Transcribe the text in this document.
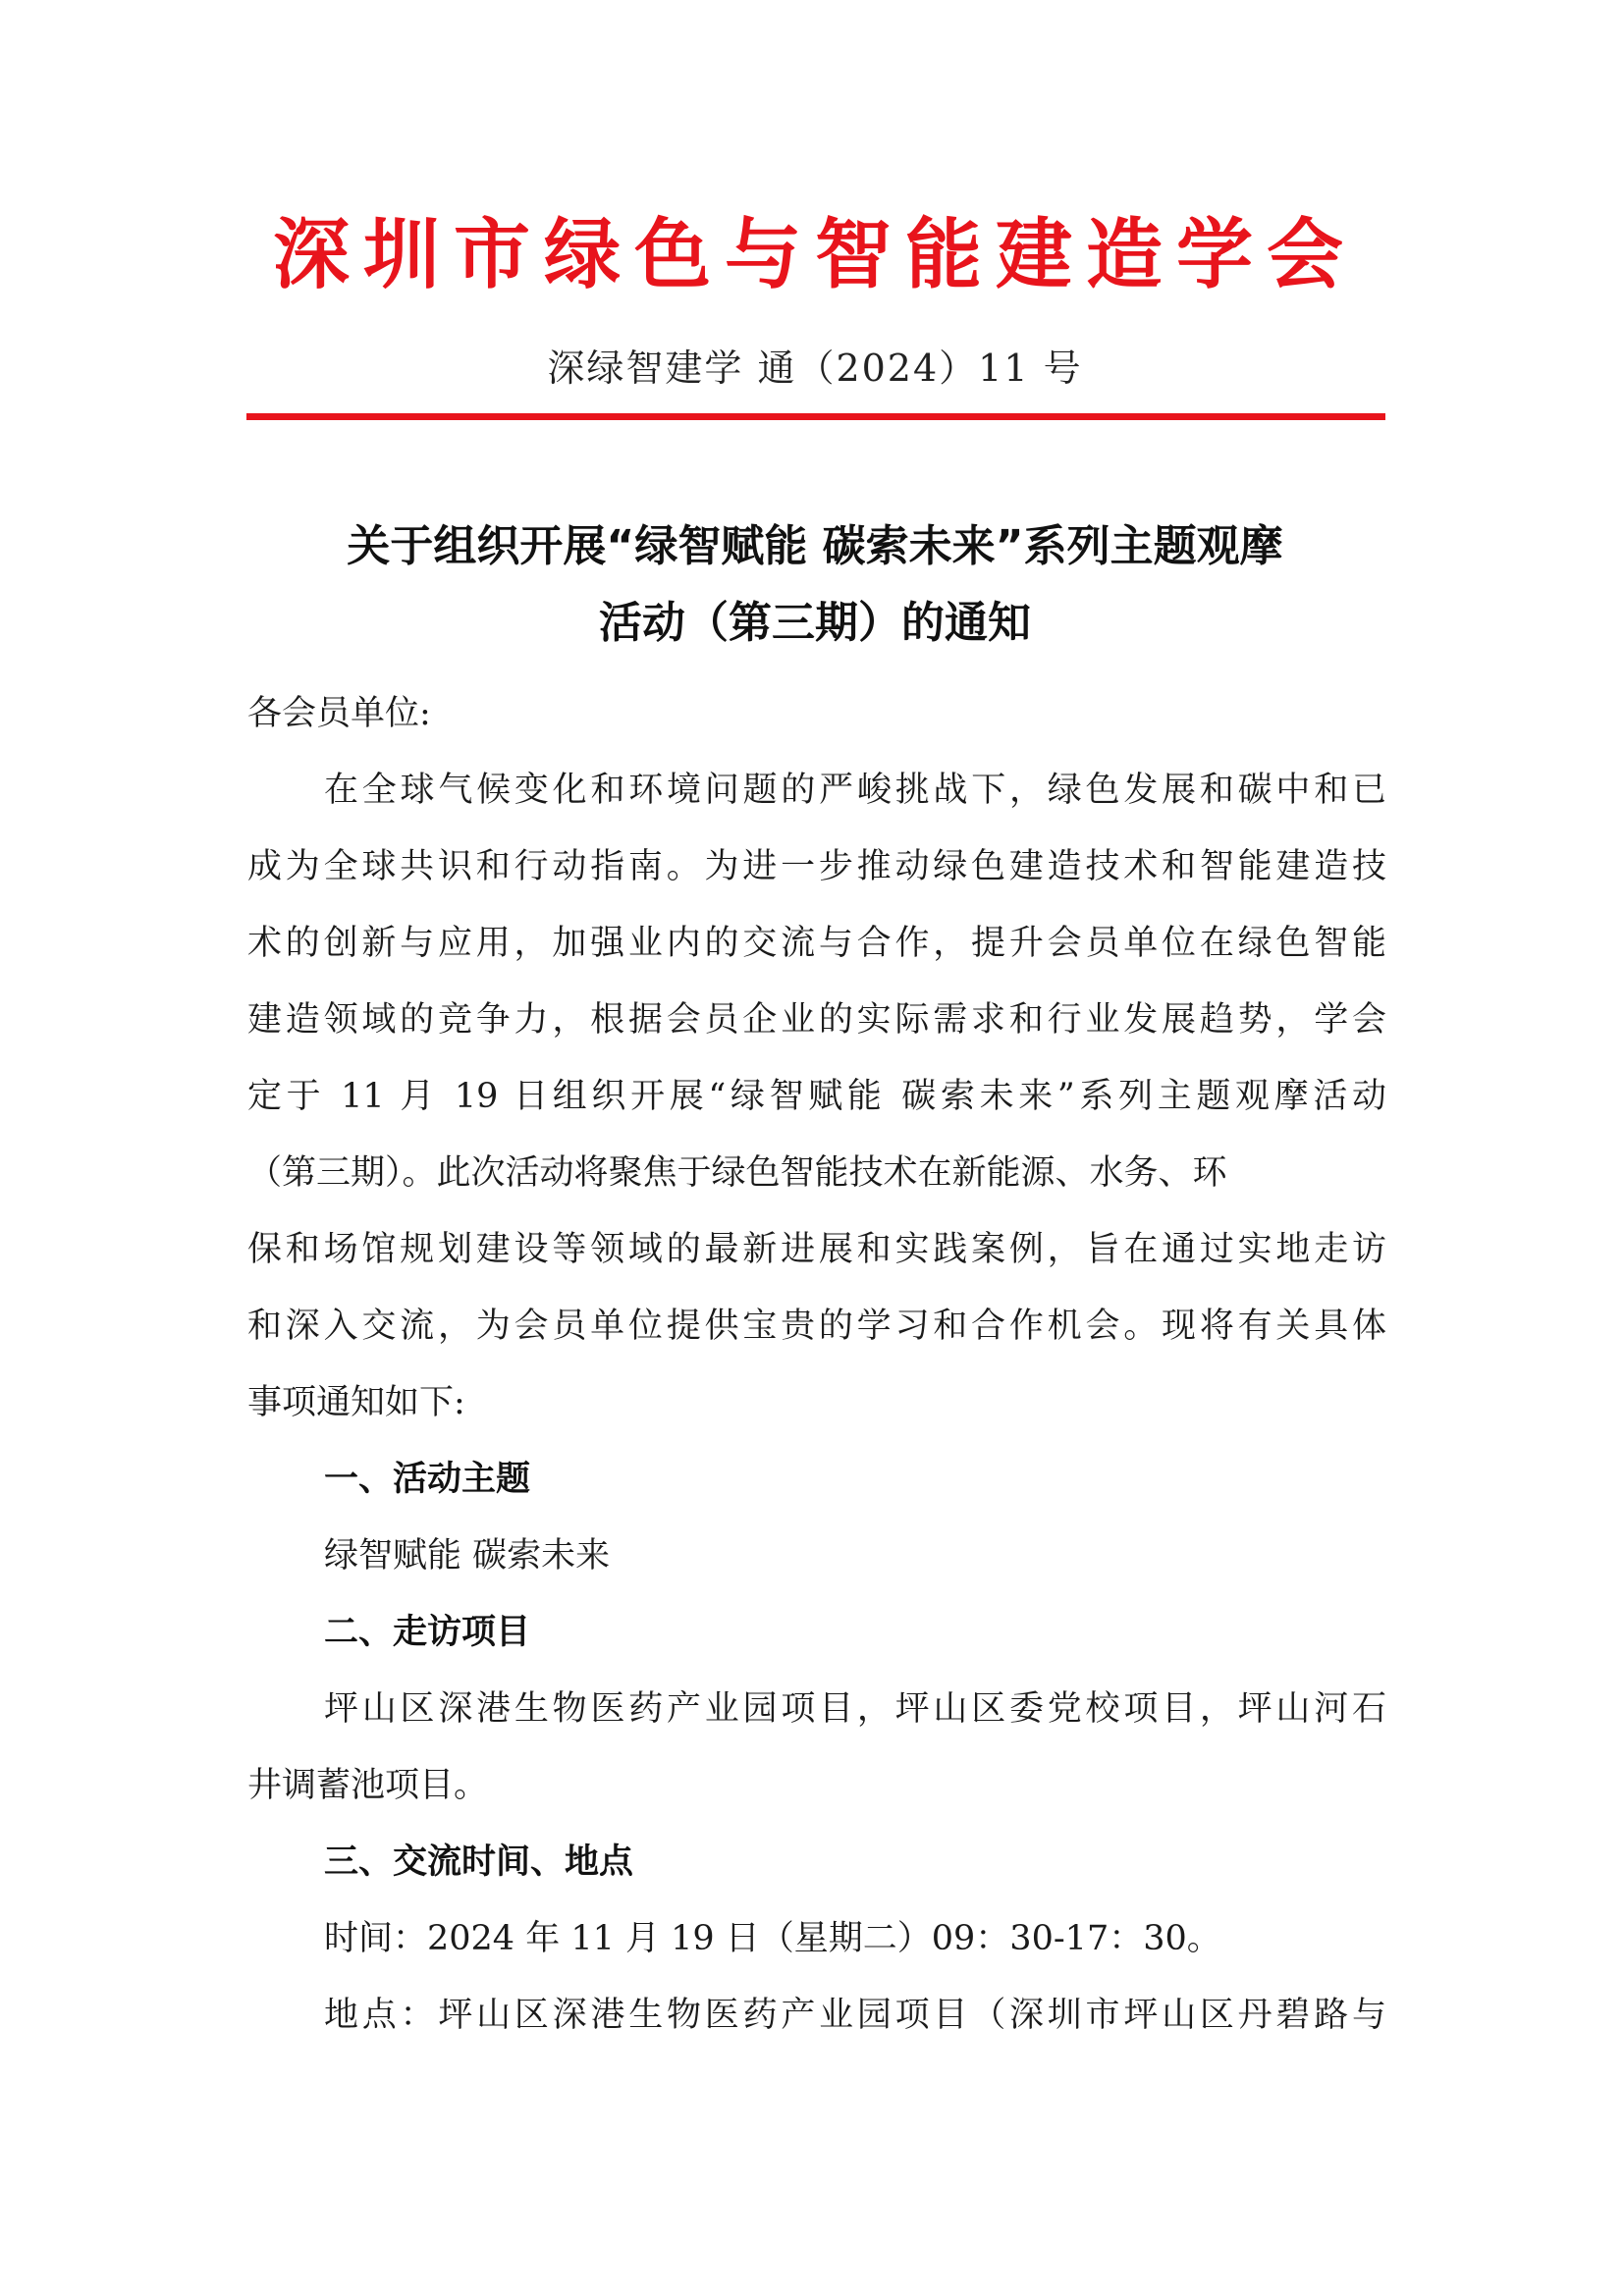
深圳市绿色与智能建造学会
深绿智建学 通（2024）11 号
关于组织开展“绿智赋能 碳索未来”系列主题观摩
活动（第三期）的通知
各会员单位:
在全球气候变化和环境问题的严峻挑战下，绿色发展和碳中和已
成为全球共识和行动指南。为进一步推动绿色建造技术和智能建造技
术的创新与应用，加强业内的交流与合作，提升会员单位在绿色智能
建造领域的竞争力，根据会员企业的实际需求和行业发展趋势，学会
定于 11 月 19 日组织开展“绿智赋能 碳索未来”系列主题观摩活动
（第三期）。此次活动将聚焦于绿色智能技术在新能源、水务、环
保和场馆规划建设等领域的最新进展和实践案例，旨在通过实地走访
和深入交流，为会员单位提供宝贵的学习和合作机会。现将有关具体
事项通知如下:
一、活动主题
绿智赋能 碳索未来
二、走访项目
坪山区深港生物医药产业园项目，坪山区委党校项目，坪山河石
井调蓄池项目。
三、交流时间、地点
时间：2024 年 11 月 19 日（星期二）09：30-17：30。
地点：坪山区深港生物医药产业园项目（深圳市坪山区丹碧路与
